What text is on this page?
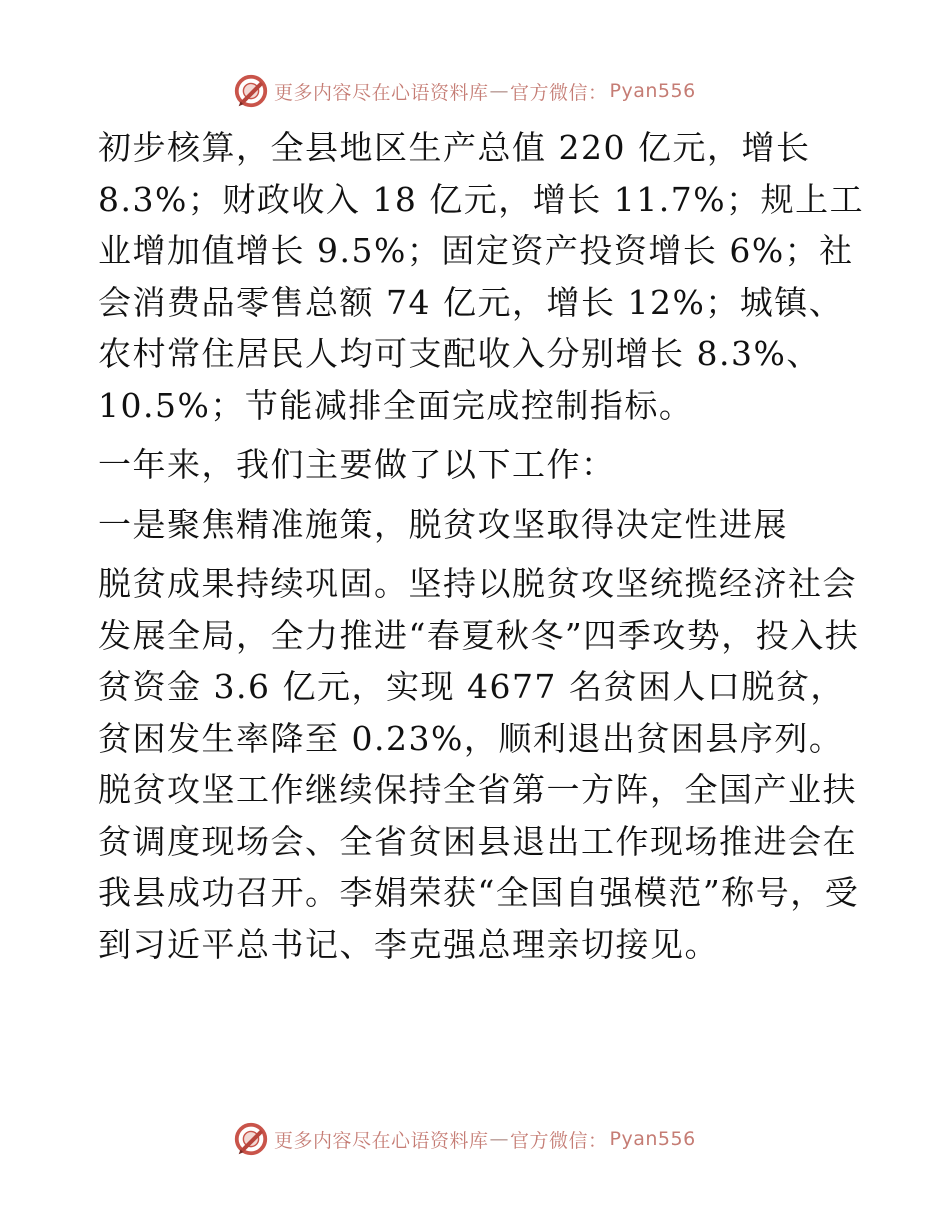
更多内容尽在心语资料库 — 官方微信： Pyan556

初步核算，全县地区生产总值 220 亿元，增长 8.3%；财政收入 18 亿元，增长 11.7%；规上工业增加值增长 9.5%；固定资产投资增长 6%；社会消费品零售总额 74 亿元，增长 12%；城镇、农村常住居民人均可支配收入分别增长 8.3%、10.5%；节能减排全面完成控制指标。

一年来，我们主要做了以下工作：

一是聚焦精准施策，脱贫攻坚取得决定性进展

脱贫成果持续巩固。坚持以脱贫攻坚统揽经济社会发展全局，全力推进“春夏秋冬”四季攻势，投入扶贫资金 3.6 亿元，实现 4677 名贫困人口脱贫，贫困发生率降至 0.23%，顺利退出贫困县序列。脱贫攻坚工作继续保持全省第一方阵，全国产业扶贫调度现场会、全省贫困县退出工作现场推进会在我县成功召开。李娟荣获“全国自强模范”称号，受到习近平总书记、李克强总理亲切接见。

更多内容尽在心语资料库 — 官方微信： Pyan556
